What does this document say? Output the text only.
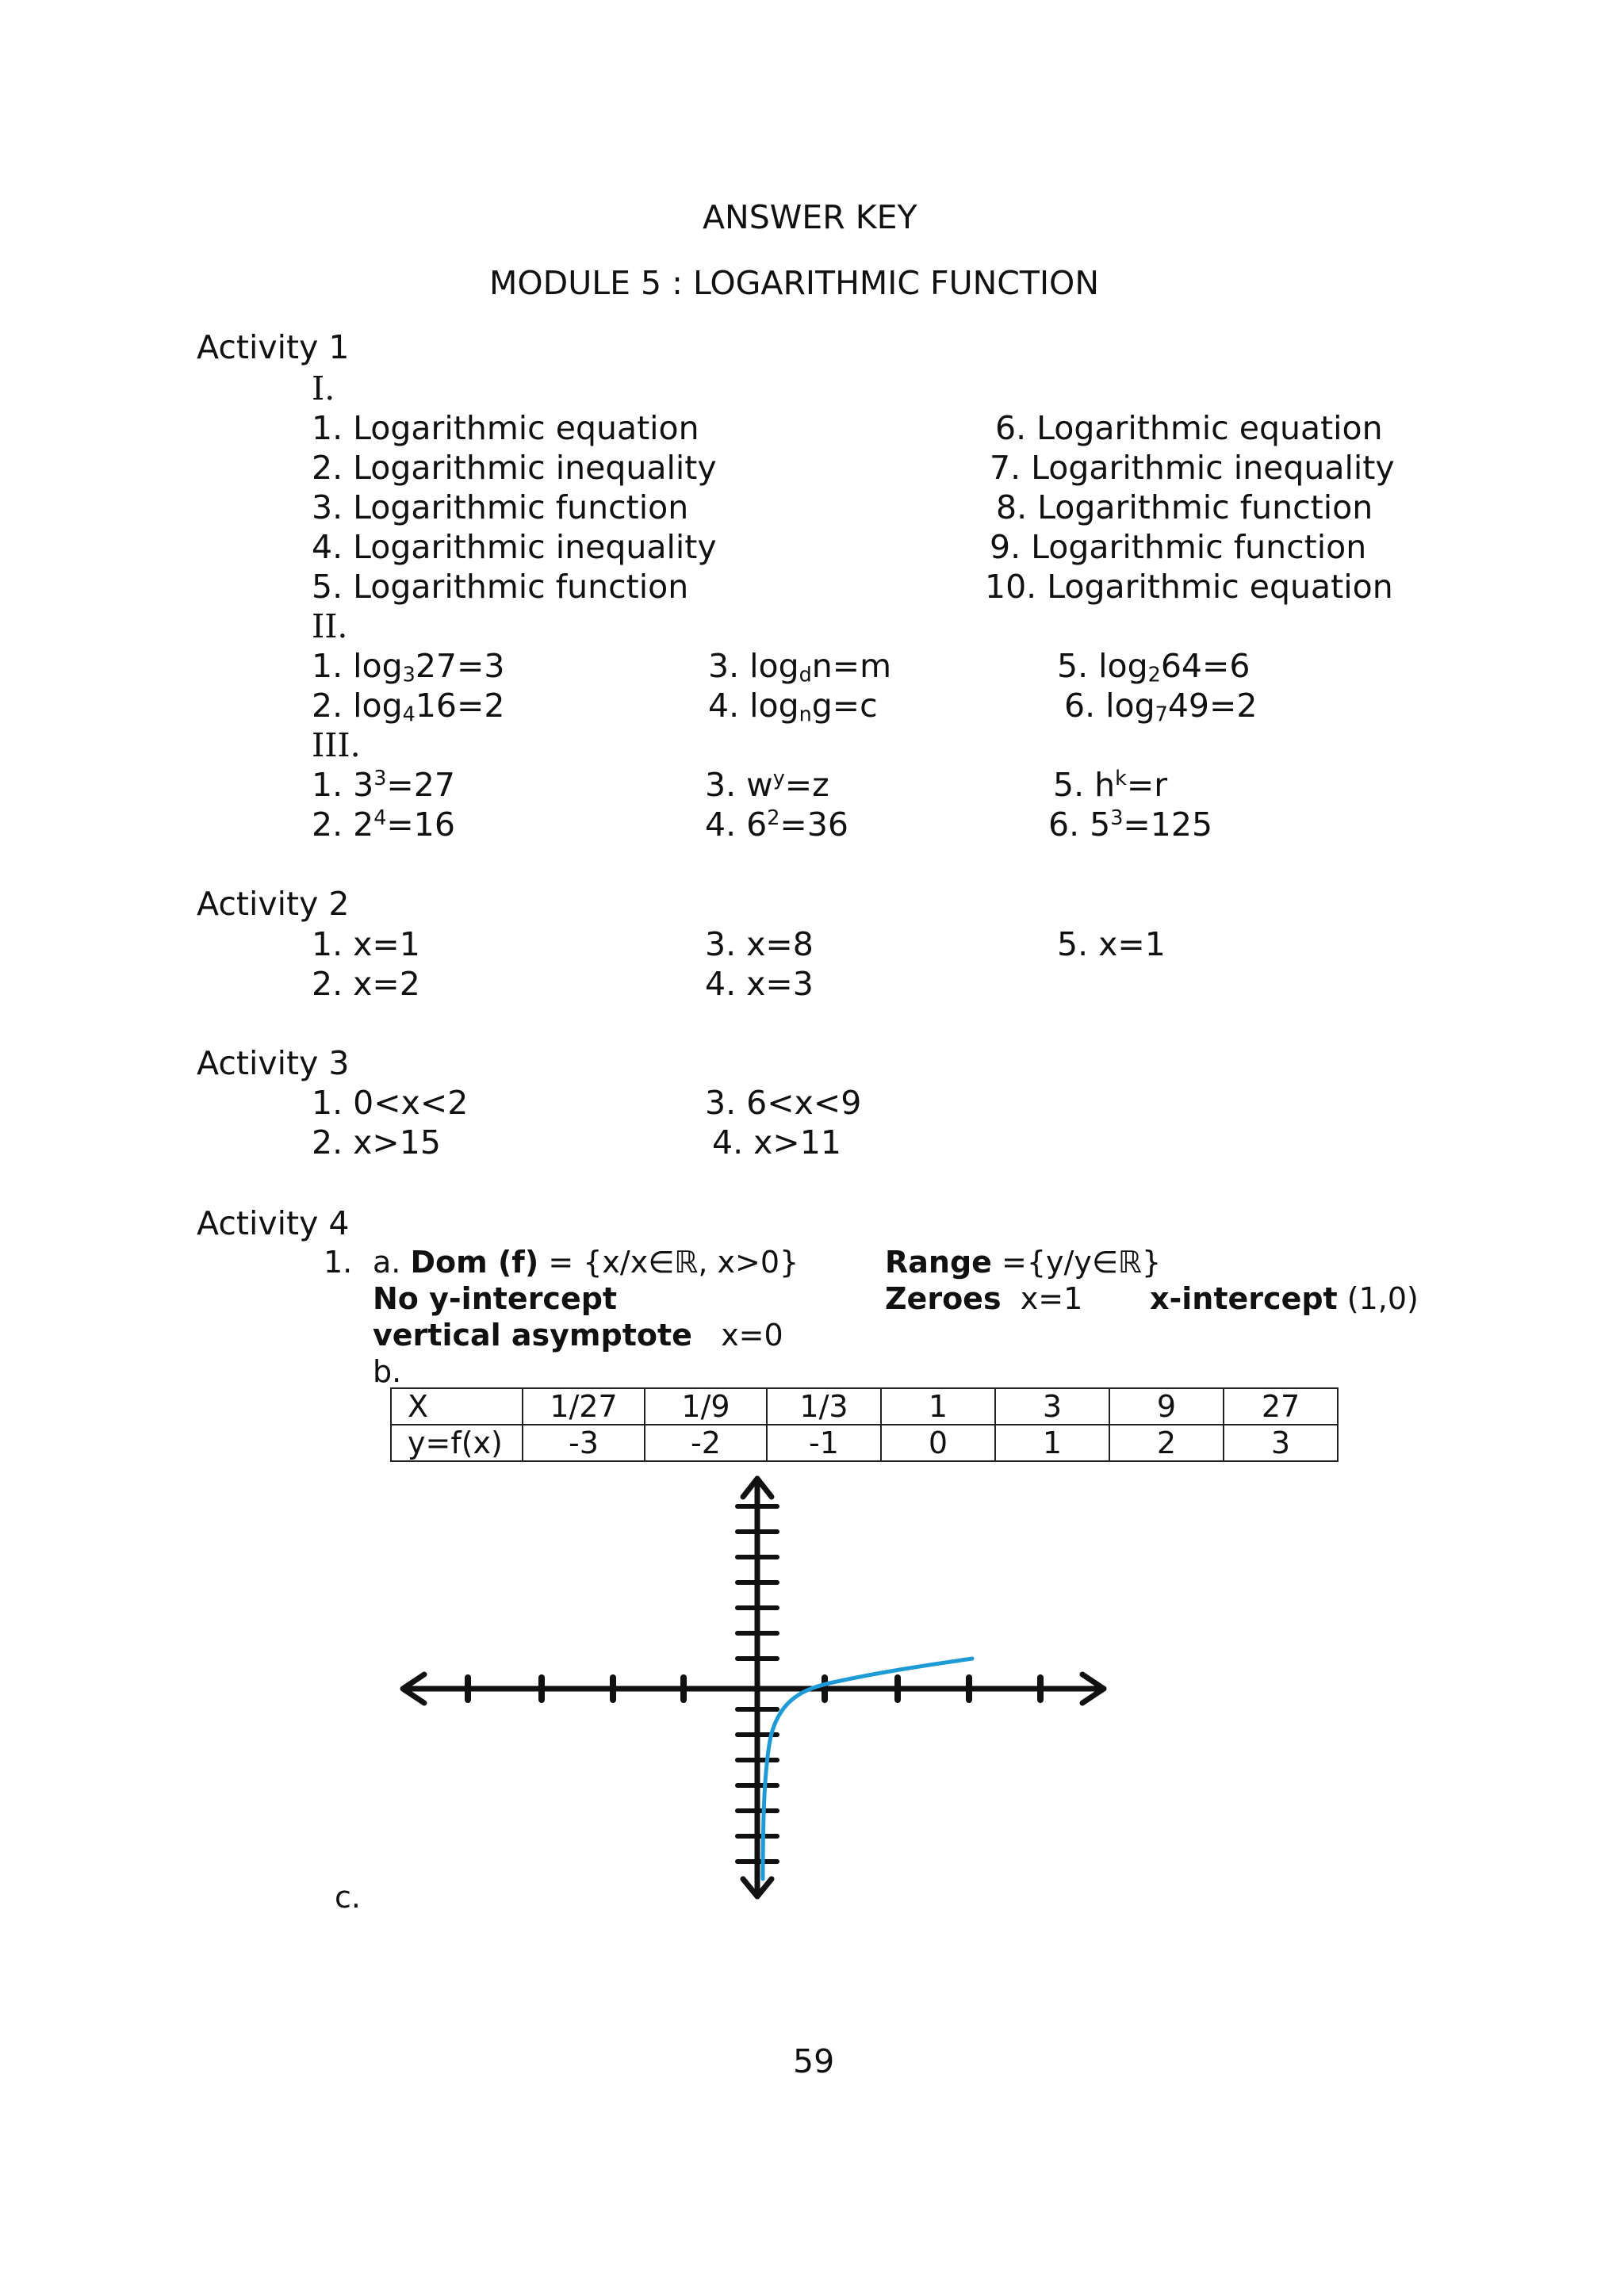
ANSWER KEY
MODULE 5 : LOGARITHMIC FUNCTION
Activity 1
I.
1. Logarithmic equation
2. Logarithmic inequality
3. Logarithmic function
4. Logarithmic inequality
5. Logarithmic function
6. Logarithmic equation
7. Logarithmic inequality
8. Logarithmic function
9. Logarithmic function
10. Logarithmic equation
II.
1. $\log_327=3$
2. $\log_416=2$
3. $\log_dn=m$
4. $\log_ng=c$
5. $\log_264=6$
6. $\log_749=2$
III.
1. $3^3=27$
2. $2^4=16$
3. $w^y=z$
4. $6^2=36$
5. $h^k=r$
6. $5^3=125$
Activity 2
1. x=1
2. x=2
3. x=8
4. x=3
5. x=1
Activity 3
1. 0<x<2
2. x>15
3. 6<x<9
4. x>11
Activity 4
1. a. Dom (f) = {x/x∈ℝ, x>0}	Range ={y/y∈ℝ}
No y-intercept	Zeroes x=1 x-intercept (1,0)
vertical asymptote x=0
b.
X	1/27	1/9	1/3	1	3	9	27
y=f(x)	-3	-2	-1	0	1	2	3
c.
59
